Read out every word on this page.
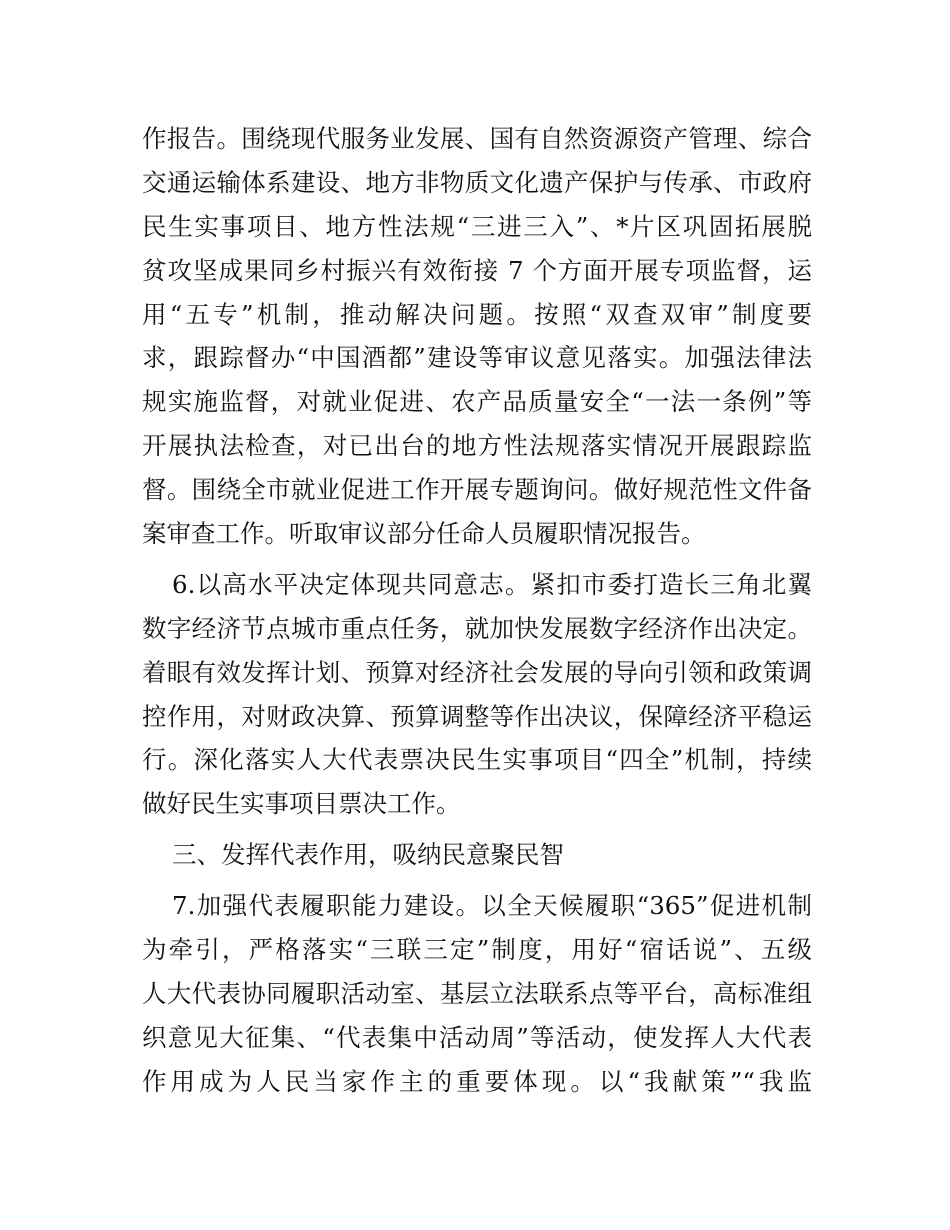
作报告。围绕现代服务业发展、国有自然资源资产管理、综合
交通运输体系建设、地方非物质文化遗产保护与传承、市政府
民生实事项目、地方性法规“三进三入”、*片区巩固拓展脱
贫攻坚成果同乡村振兴有效衔接 7 个方面开展专项监督，运
用“五专”机制，推动解决问题。按照“双查双审”制度要
求，跟踪督办“中国酒都”建设等审议意见落实。加强法律法
规实施监督，对就业促进、农产品质量安全“一法一条例”等
开展执法检查，对已出台的地方性法规落实情况开展跟踪监
督。围绕全市就业促进工作开展专题询问。做好规范性文件备
案审查工作。听取审议部分任命人员履职情况报告。
6.以高水平决定体现共同意志。紧扣市委打造长三角北翼
数字经济节点城市重点任务，就加快发展数字经济作出决定。
着眼有效发挥计划、预算对经济社会发展的导向引领和政策调
控作用，对财政决算、预算调整等作出决议，保障经济平稳运
行。深化落实人大代表票决民生实事项目“四全”机制，持续
做好民生实事项目票决工作。
三、发挥代表作用，吸纳民意聚民智
7.加强代表履职能力建设。以全天候履职“365”促进机制
为牵引，严格落实“三联三定”制度，用好“宿话说”、五级
人大代表协同履职活动室、基层立法联系点等平台，高标准组
织意见大征集、“代表集中活动周”等活动，使发挥人大代表
作用成为人民当家作主的重要体现。以“我献策”“我监
